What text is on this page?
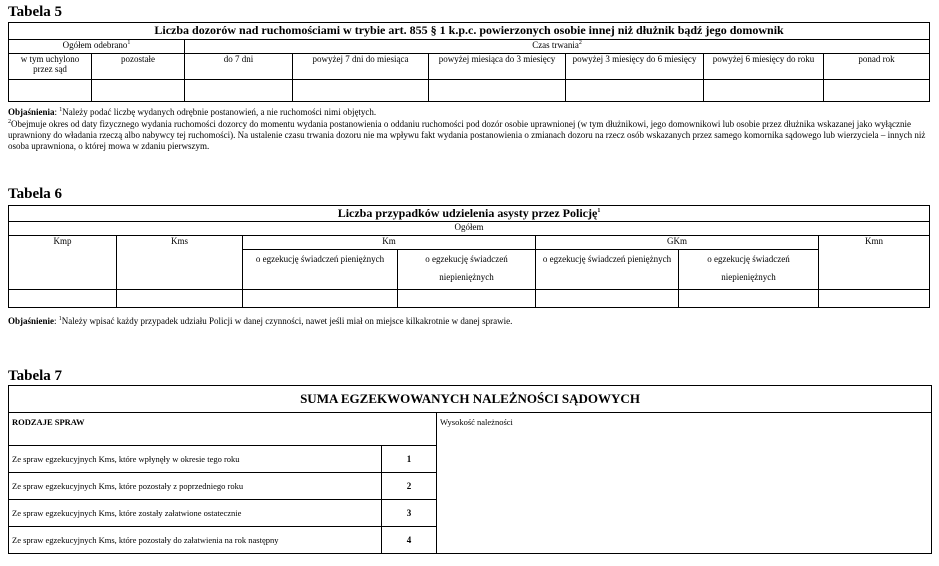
Tabela 5
Liczba dozorów nad ruchomościami w trybie art. 855 § 1 k.p.c. powierzonych osobie innej niż dłużnik bądź jego domownik							
Ogółem odebrano$^1$		Czas trwania$^2$
w tym uchylono przez sąd	pozostałe	do 7 dni	powyżej 7 dni do miesiąca	powyżej miesiąca do 3 miesięcy	powyżej 3 miesięcy do 6 miesięcy	powyżej 6 miesięcy do roku	ponad rok

Objaśnienia: $^1$Należy podać liczbę wydanych odrębnie postanowień, a nie ruchomości nimi objętych.
$^2$Obejmuje okres od daty fizycznego wydania ruchomości dozorcy do momentu wydania postanowienia o oddaniu ruchomości pod dozór osobie uprawnionej (w tym dłużnikowi, jego domownikowi lub osobie przez dłużnika wskazanej jako wyłącznie uprawniony do władania rzeczą albo nabywcy tej ruchomości). Na ustalenie czasu trwania dozoru nie ma wpływu fakt wydania postanowienia o zmianach dozoru na rzecz osób wskazanych przez samego komornika sądowego lub wierzyciela – innych niż osoba uprawniona, o której mowa w zdaniu pierwszym.
Tabela 6
Liczba przypadków udzielenia asysty przez Policję$^1$
Ogółem						
Kmp	Kms	Km		GKm		Kmn
		o egzekucję świadczeń pieniężnych	o egzekucję świadczeń niepieniężnych	o egzekucję świadczeń pieniężnych	o egzekucję świadczeń niepieniężnych	

Objaśnienie: $^1$Należy wpisać każdy przypadek udziału Policji w danej czynności, nawet jeśli miał on miejsce kilkakrotnie w danej sprawie.
Tabela 7
SUMA EGZEKWOWANYCH NALEŻNOŚCI SĄDOWYCH		
RODZAJE SPRAW		Wysokość należności
Ze spraw egzekucyjnych Kms, które wpłynęły w okresie tego roku	1	
Ze spraw egzekucyjnych Kms, które pozostały z poprzedniego roku	2	
Ze spraw egzekucyjnych Kms, które zostały załatwione ostatecznie	3	
Ze spraw egzekucyjnych Kms, które pozostały do załatwienia na rok następny	4	
